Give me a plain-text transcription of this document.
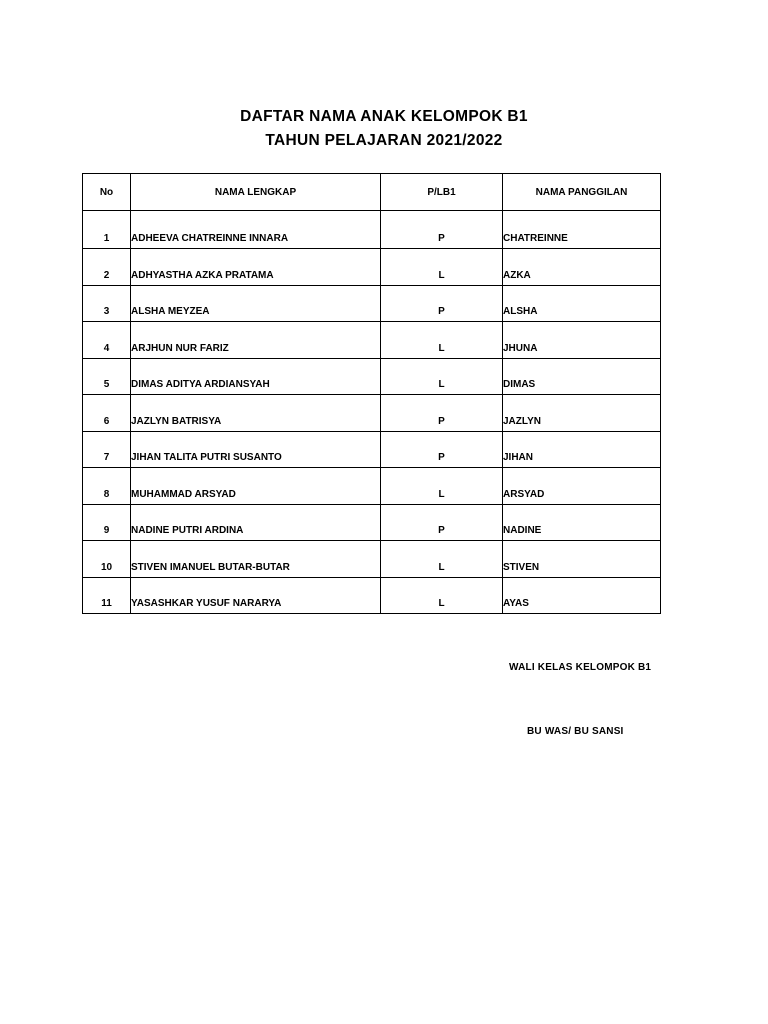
DAFTAR NAMA ANAK KELOMPOK B1
TAHUN PELAJARAN 2021/2022
No	NAMA LENGKAP	P/LB1	NAMA PANGGILAN
1	ADHEEVA CHATREINNE INNARA	P	CHATREINNE
2	ADHYASTHA AZKA PRATAMA	L	AZKA
3	ALSHA MEYZEA	P	ALSHA
4	ARJHUN NUR FARIZ	L	JHUNA
5	DIMAS ADITYA ARDIANSYAH	L	DIMAS
6	JAZLYN BATRISYA	P	JAZLYN
7	JIHAN TALITA PUTRI SUSANTO	P	JIHAN
8	MUHAMMAD ARSYAD	L	ARSYAD
9	NADINE PUTRI ARDINA	P	NADINE
10	STIVEN IMANUEL BUTAR-BUTAR	L	STIVEN
11	YASASHKAR YUSUF NARARYA	L	AYAS
WALI KELAS KELOMPOK B1
BU WAS/ BU SANSI
